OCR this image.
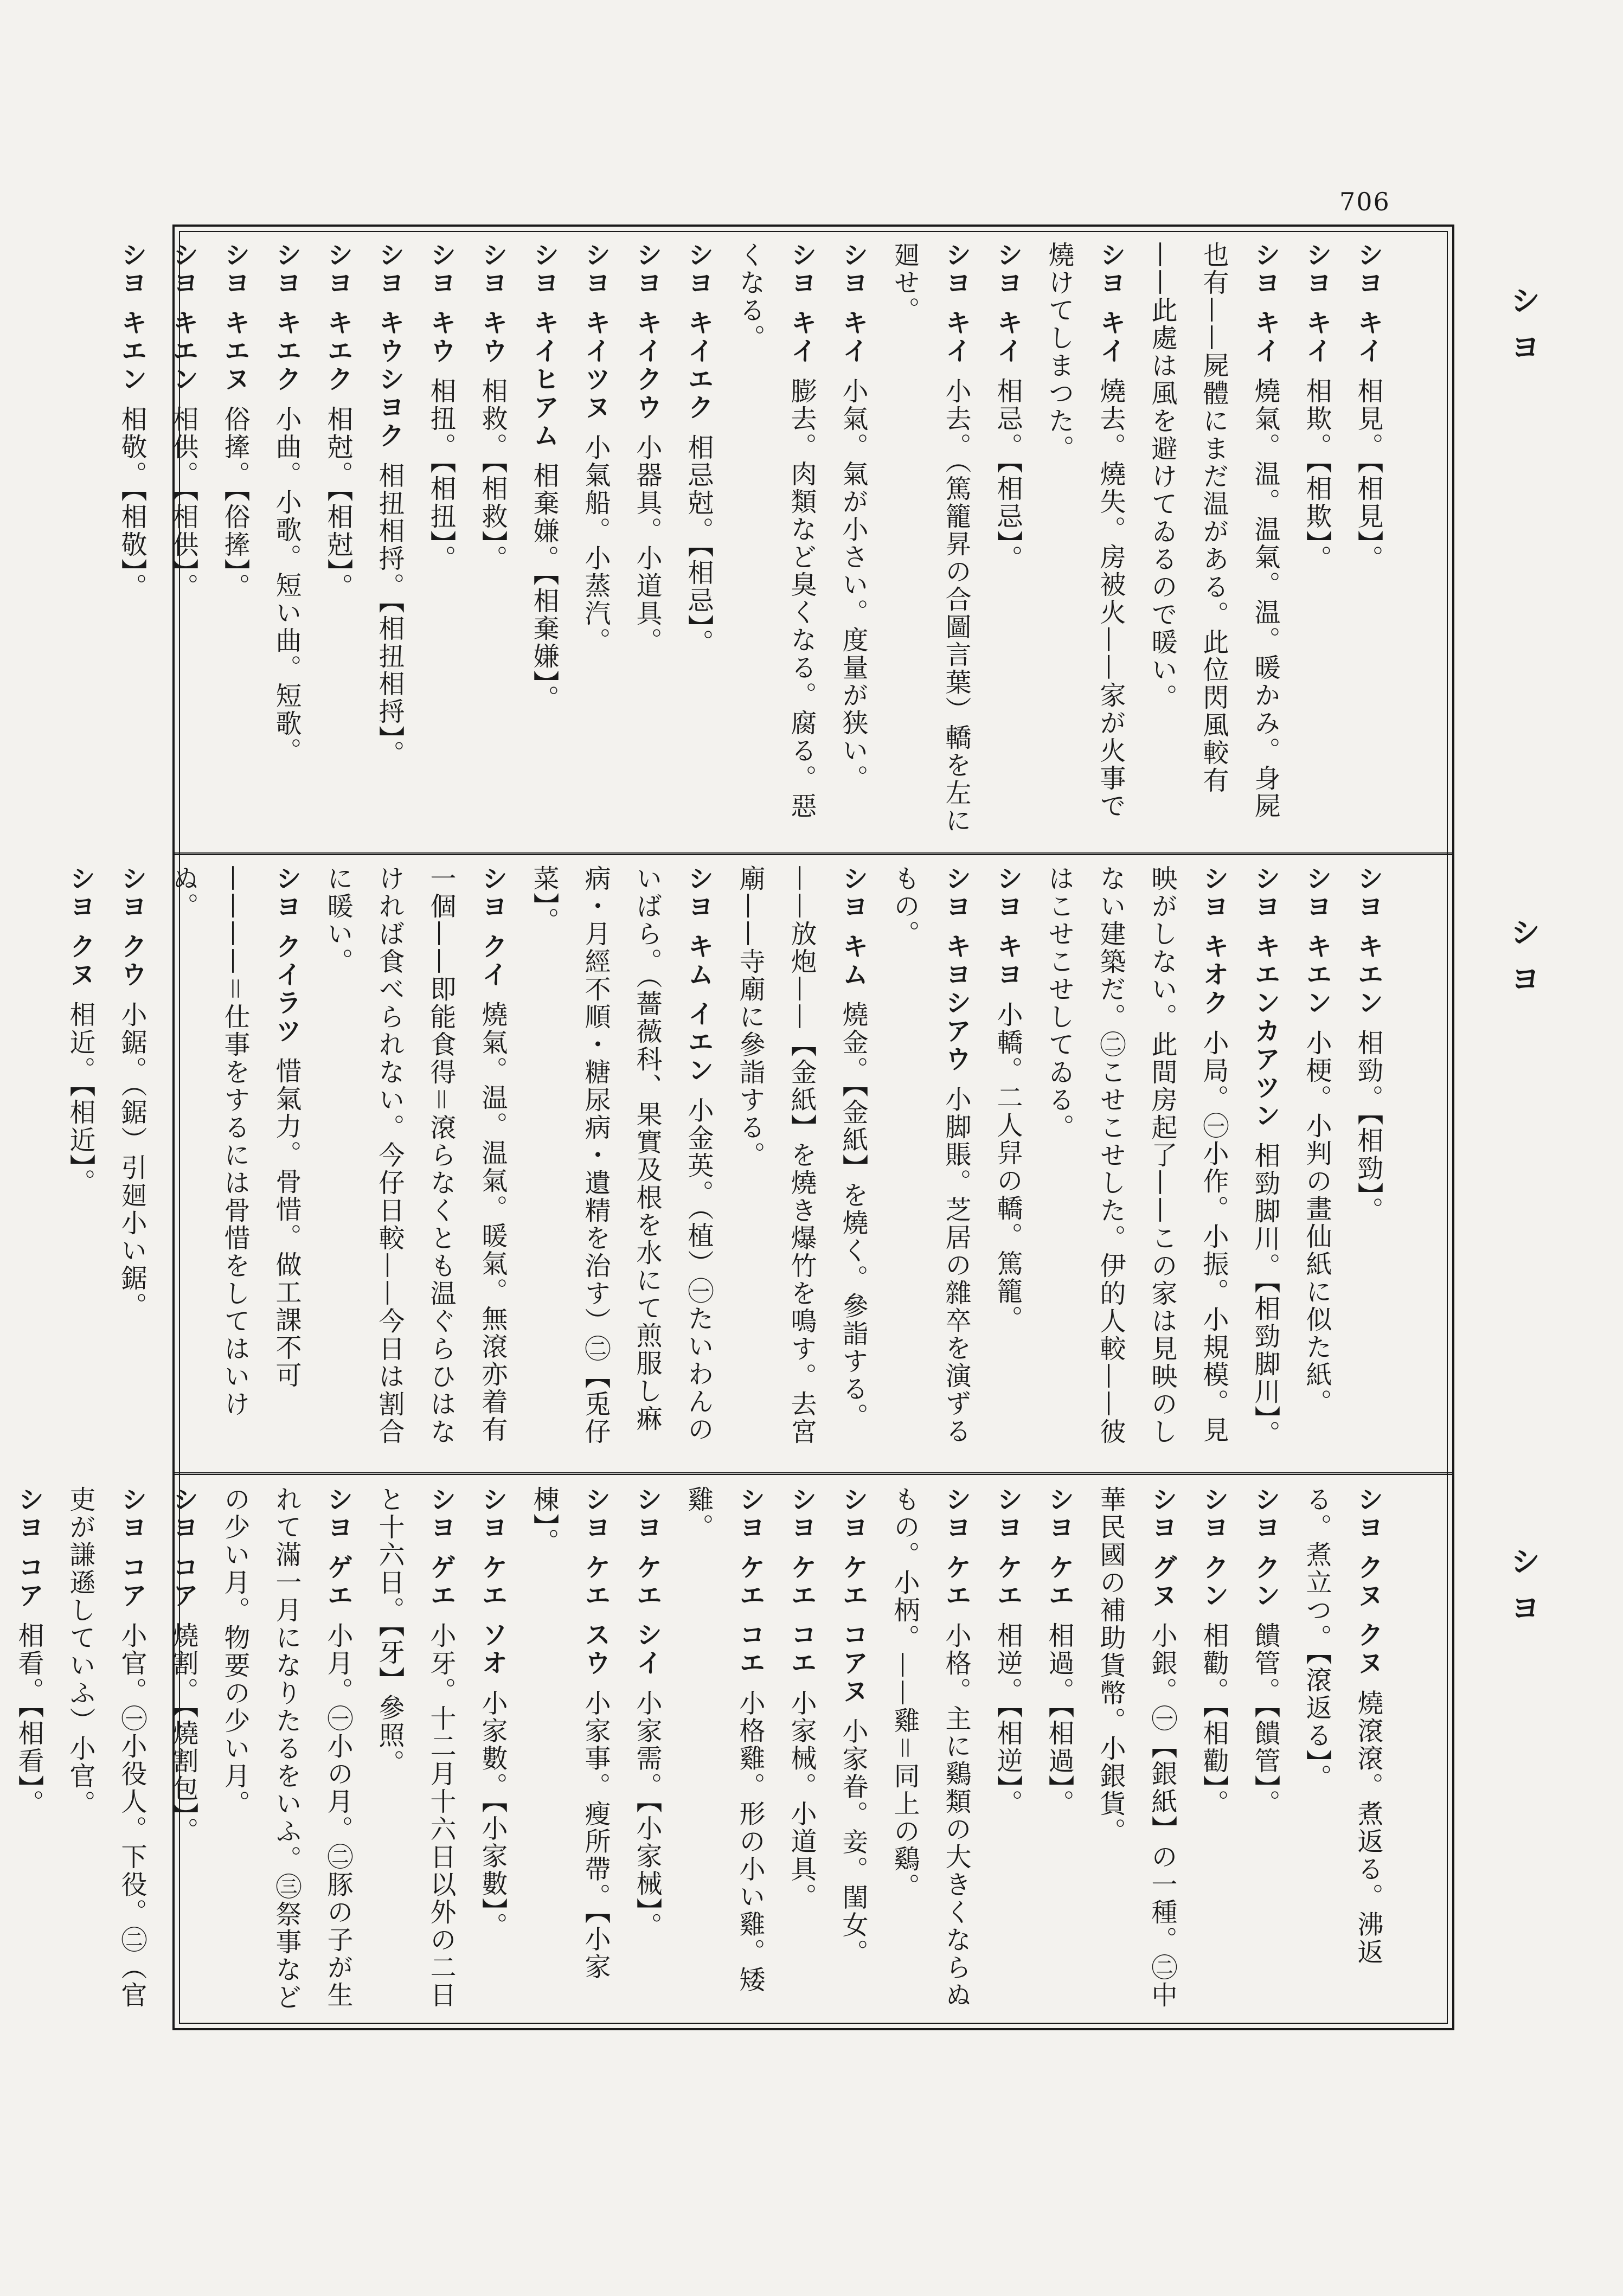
706
シヨ
シヨ
シヨ

シヨ キイ相見。【相見】。

シヨ キイ相欺。【相欺】。

シヨ キイ燒氣。温。温氣。温。暖かみ。身屍也有——屍體にまだ温がある。此位閃風較有——此處は風を避けてゐるので暖い。

シヨ キイ燒去。燒失。房被火——家が火事で燒けてしまつた。

シヨ キイ相忌。【相忌】。

シヨ キイ小去。（篤籠昇の合圖言葉）轎を左に廻せ。

シヨ キイ小氣。氣が小さい。度量が狭い。

シヨ キイ膨去。肉類など臭くなる。腐る。惡くなる。

シヨ キイエク相忌尅。【相忌】。

シヨ キイクウ小器具。小道具。

シヨ キイツヌ小氣船。小蒸汽。

シヨ キイヒアム相棄嫌。【相棄嫌】。

シヨ キウ相救。【相救】。

シヨ キウ相扭。【相扭】。

シヨ キウシヨク相扭相捋。【相扭相捋】。

シヨ キエク相尅。【相尅】。

シヨ キエク小曲。小歌。短い曲。短歌。

シヨ キエヌ俗撁。【俗撁】。

シヨ キエン相供。【相供】。

シヨ キエン相敬。【相敬】。

シヨ キエン相勁。【相勁】。

シヨ キエン小梗。小判の畫仙紙に似た紙。

シヨ キエンカアツン相勁脚川。【相勁脚川】。

シヨ キオク小局。㊀小作。小振。小規模。見映がしない。此間房起了——この家は見映のしない建築だ。㊁こせこせした。伊的人較——彼はこせこせしてゐる。

シヨ キヨ小轎。二人舁の轎。篤籠。

シヨ キヨシアウ小脚賬。芝居の雜卒を演ずるもの。

シヨ キム燒金。【金紙】を燒く。參詣する。——放炮——【金紙】を燒き爆竹を鳴す。去宮廟——寺廟に參詣する。

シヨ キム イエン小金英。（植）㊀たいわんのいばら。（薔薇科、果實及根を水にて煎服し痳病・月經不順・糖尿病・遺精を治す）㊁【兎仔菜】。

シヨ クイ燒氣。温。温氣。暖氣。無滾亦着有一個——即能食得＝滾らなくとも温ぐらひはなければ食べられない。今仔日較——今日は割合に暖い。

シヨ クイラツ惜氣力。骨惜。做工課不可————＝仕事をするには骨惜をしてはいけぬ。

シヨ クウ小鋸。（鋸）引廻小い鋸。

シヨ クヌ相近。【相近】。

シヨ クヌ クヌ燒滾滾。煮返る。沸返る。煮立つ。【滾返る】。

シヨ クン饋管。【饋管】。

シヨ クン相勸。【相勸】。

シヨ グヌ小銀。㊀【銀紙】の一種。㊁中華民國の補助貨幣。小銀貨。

シヨ ケエ相過。【相過】。

シヨ ケエ相逆。【相逆】。

シヨ ケエ小格。主に鷄類の大きくならぬもの。小柄。——雞＝同上の鷄。

シヨ ケエ コアヌ小家眷。妾。閨女。

シヨ ケエ コエ小家械。小道具。

シヨ ケエ コエ小格雞。形の小い雞。矮雞。

シヨ ケエ シイ小家需。【小家械】。

シヨ ケエ スウ小家事。瘦所帶。【小家棟】。

シヨ ケエ ソオ小家數。【小家數】。

シヨ ゲエ小牙。十二月十六日以外の二日と十六日。【牙】參照。

シヨ ゲエ小月。㊀小の月。㊁豚の子が生れて滿一月になりたるをいふ。㊂祭事などの少い月。物要の少い月。

シヨ コア燒割。【燒割包】。

シヨ コア小官。㊀小役人。下役。㊁（官吏が謙遜していふ）小官。

シヨ コア相看。【相看】。
